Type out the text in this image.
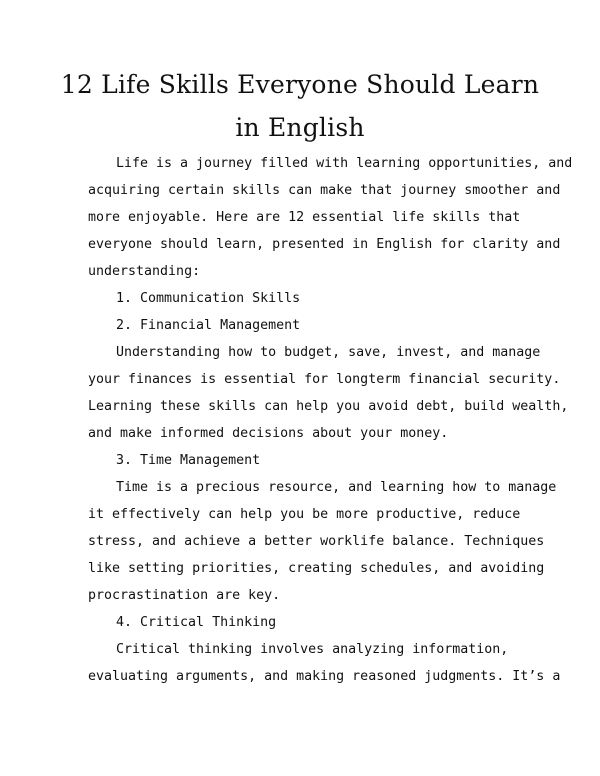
12 Life Skills Everyone Should Learn
in English
Life is a journey filled with learning opportunities, and
acquiring certain skills can make that journey smoother and
more enjoyable. Here are 12 essential life skills that
everyone should learn, presented in English for clarity and
understanding:
1. Communication Skills
2. Financial Management
Understanding how to budget, save, invest, and manage
your finances is essential for longterm financial security.
Learning these skills can help you avoid debt, build wealth,
and make informed decisions about your money.
3. Time Management
Time is a precious resource, and learning how to manage
it effectively can help you be more productive, reduce
stress, and achieve a better worklife balance. Techniques
like setting priorities, creating schedules, and avoiding
procrastination are key.
4. Critical Thinking
Critical thinking involves analyzing information,
evaluating arguments, and making reasoned judgments. It’s a
